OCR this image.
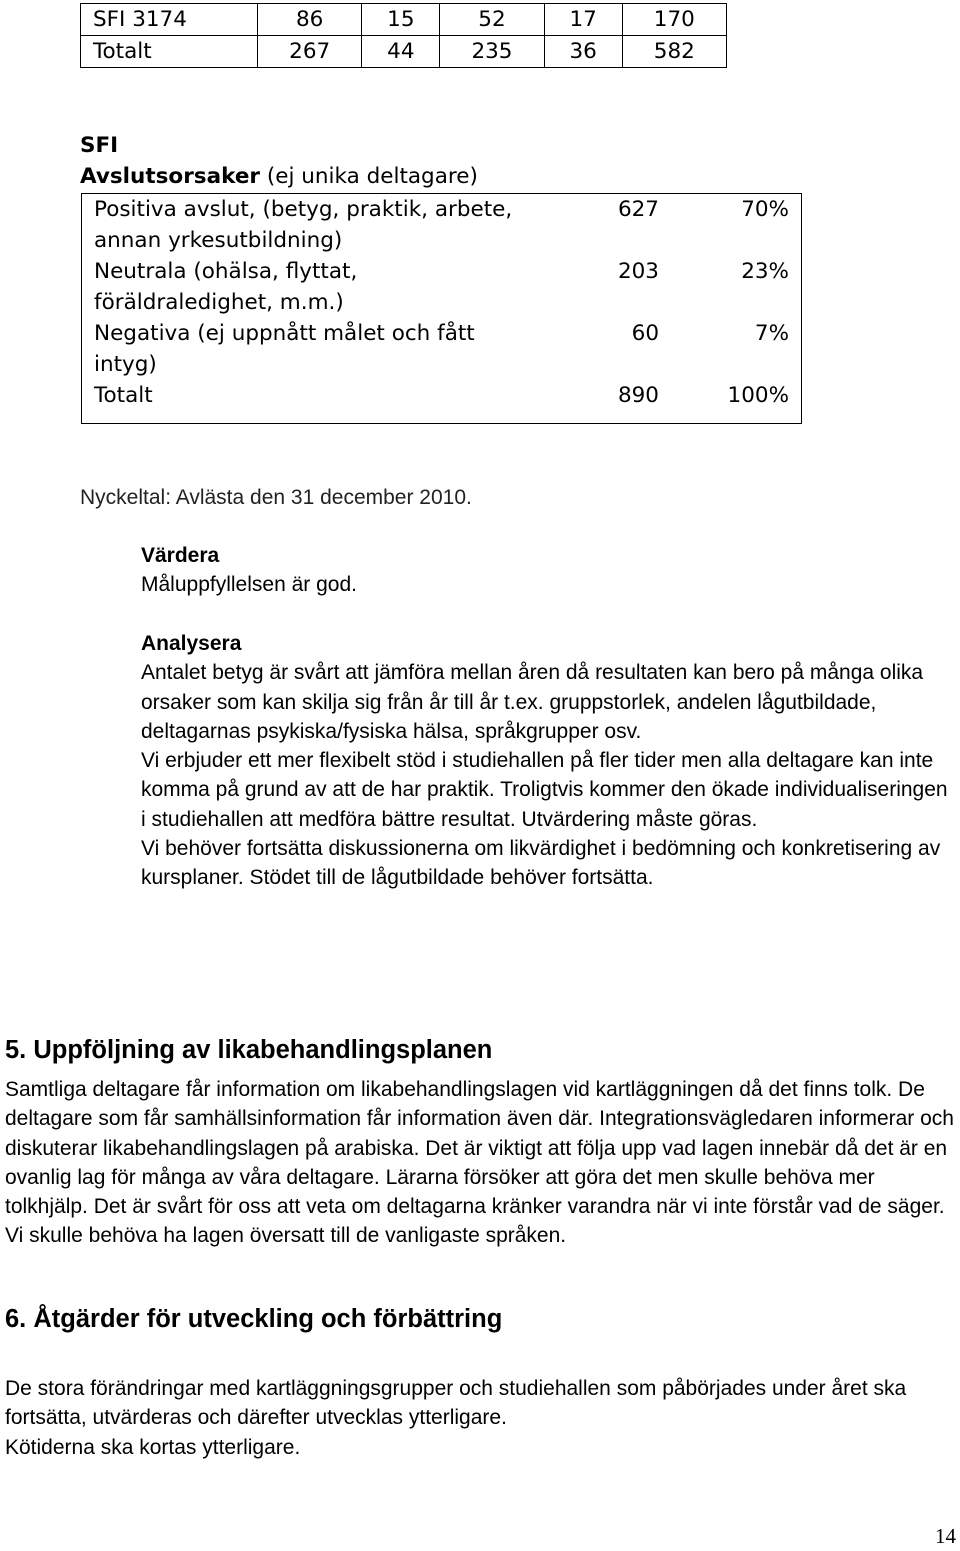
SFI 3174	86	15	52	17	170
Totalt	267	44	235	36	582
SFI
Avslutsorsaker (ej unika deltagare)
Positiva avslut, (betyg, praktik, arbete, annan yrkesutbildning)	627	70%
Neutrala (ohälsa, flyttat, föräldraledighet, m.m.)	203	23%
Negativa (ej uppnått målet och fått intyg)	60	7%
Totalt	890	100%
Nyckeltal: Avlästa den 31 december 2010.

Värdera

Måluppfyllelsen är god.

Analysera

Antalet betyg är svårt att jämföra mellan åren då resultaten kan bero på många olika orsaker som kan skilja sig från år till år t.ex. gruppstorlek, andelen lågutbildade, deltagarnas psykiska/fysiska hälsa, språkgrupper osv.

Vi erbjuder ett mer flexibelt stöd i studiehallen på fler tider men alla deltagare kan inte komma på grund av att de har praktik. Troligtvis kommer den ökade individualiseringen i studiehallen att medföra bättre resultat. Utvärdering måste göras.

Vi behöver fortsätta diskussionerna om likvärdighet i bedömning och konkretisering av kursplaner. Stödet till de lågutbildade behöver fortsätta.

5. Uppföljning av likabehandlingsplanen
Samtliga deltagare får information om likabehandlingslagen vid kartläggningen då det finns tolk. De deltagare som får samhällsinformation får information även där. Integrationsvägledaren informerar och diskuterar likabehandlingslagen på arabiska. Det är viktigt att följa upp vad lagen innebär då det är en ovanlig lag för många av våra deltagare. Lärarna försöker att göra det men skulle behöva mer tolkhjälp. Det är svårt för oss att veta om deltagarna kränker varandra när vi inte förstår vad de säger. Vi skulle behöva ha lagen översatt till de vanligaste språken.
6. Åtgärder för utveckling och förbättring

De stora förändringar med kartläggningsgrupper och studiehallen som påbörjades under året ska fortsätta, utvärderas och därefter utvecklas ytterligare.

Kötiderna ska kortas ytterligare.

14
